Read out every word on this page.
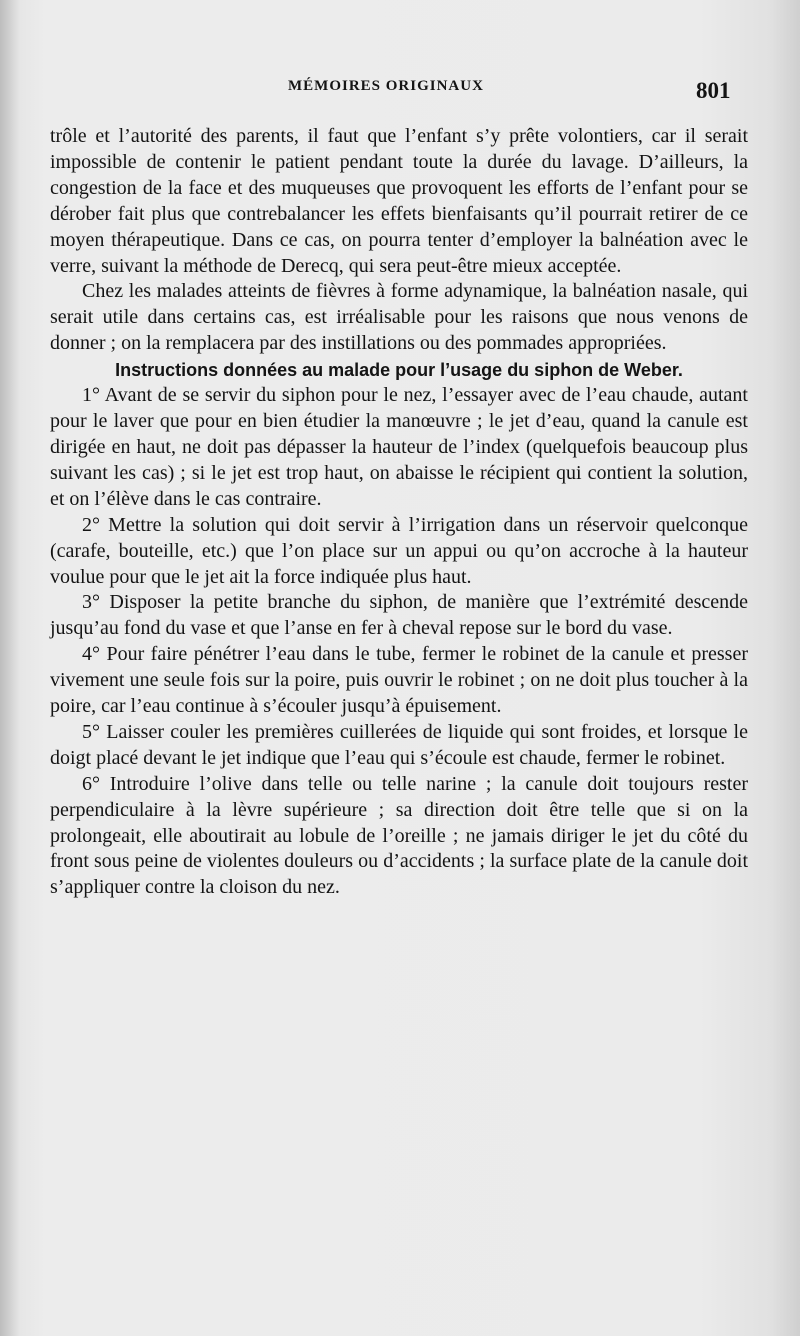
MÉMOIRES ORIGINAUX	801

trôle et l’autorité des parents, il faut que l’enfant s’y prête volontiers, car il serait impossible de contenir le patient pendant toute la durée du lavage. D’ailleurs, la congestion de la face et des muqueuses que provoquent les efforts de l’enfant pour se dérober fait plus que contrebalancer les effets bienfaisants qu’il pourrait retirer de ce moyen thérapeutique. Dans ce cas, on pourra tenter d’employer la balnéation avec le verre, suivant la méthode de Derecq, qui sera peut-être mieux acceptée.

Chez les malades atteints de fièvres à forme adynamique, la balnéation nasale, qui serait utile dans certains cas, est irréalisable pour les raisons que nous venons de donner ; on la remplacera par des instillations ou des pommades appropriées.

Instructions données au malade pour l’usage du siphon de Weber.

1° Avant de se servir du siphon pour le nez, l’essayer avec de l’eau chaude, autant pour le laver que pour en bien étudier la manœuvre ; le jet d’eau, quand la canule est dirigée en haut, ne doit pas dépasser la hauteur de l’index (quelquefois beaucoup plus suivant les cas) ; si le jet est trop haut, on abaisse le récipient qui contient la solution, et on l’élève dans le cas contraire.

2° Mettre la solution qui doit servir à l’irrigation dans un réservoir quelconque (carafe, bouteille, etc.) que l’on place sur un appui ou qu’on accroche à la hauteur voulue pour que le jet ait la force indiquée plus haut.

3° Disposer la petite branche du siphon, de manière que l’extrémité descende jusqu’au fond du vase et que l’anse en fer à cheval repose sur le bord du vase.

4° Pour faire pénétrer l’eau dans le tube, fermer le robinet de la canule et presser vivement une seule fois sur la poire, puis ouvrir le robinet ; on ne doit plus toucher à la poire, car l’eau continue à s’écouler jusqu’à épuisement.

5° Laisser couler les premières cuillerées de liquide qui sont froides, et lorsque le doigt placé devant le jet indique que l’eau qui s’écoule est chaude, fermer le robinet.

6° Introduire l’olive dans telle ou telle narine ; la canule doit toujours rester perpendiculaire à la lèvre supérieure ; sa direction doit être telle que si on la prolongeait, elle aboutirait au lobule de l’oreille ; ne jamais diriger le jet du côté du front sous peine de violentes douleurs ou d’accidents ; la surface plate de la canule doit s’appliquer contre la cloison du nez.
